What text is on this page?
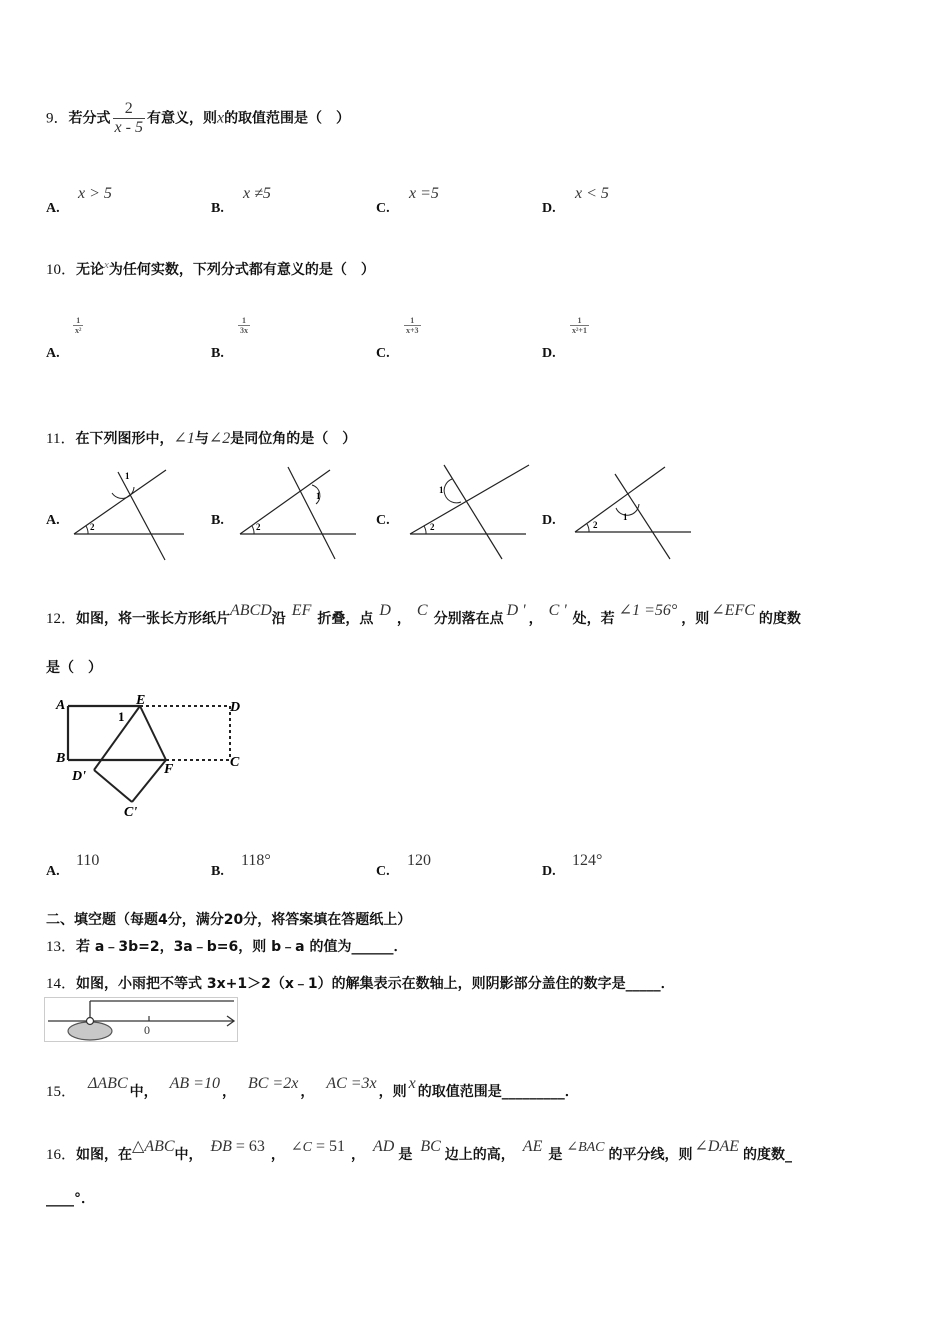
9．若分式 $\frac{2}{x - 5}$ 有意义，则x的取值范围是（　）
A.
x > 5
B.
x ≠5
C.
x =5
D.
x < 5
10．无论$^x$为任何实数，下列分式都有意义的是（　）
A.
$\frac{1}{\text{x²}}$
B.
$\frac{1}{3x}$
C.
$\frac{1}{x+3}$
D.
$\frac{1}{\text{x²+1}}$
11．在下列图形中，∠1与∠2是同位角的是（　）
A.
1
2	B.
1
2	C.
1
2	D.	1
2
12．如图，将一张长方形纸片ABCD沿 EF 折叠，点 D ， C 分别落在点 D ' ， C ' 处，若 ∠1 =56° ，则 ∠EFC 的度数
是（　）
A	E	D
B
F	C
D'
C'
1
A.
110
B.
118°
C.
120
D.
124°
二、填空题（每题4分，满分20分，将答案填在答题纸上）
13．若 a﹣3b=2，3a﹣b=6，则 b﹣a 的值为______．
14．如图，小雨把不等式 3x+1＞2（x﹣1）的解集表示在数轴上，则阴影部分盖住的数字是_____．
0
15． ΔABC 中， AB =10 ， BC =2x ， AC =3x ，则 x 的取值范围是_________．
16．如图，在△ABC中， ÐB = 63 ， ∠C = 51 ， AD 是 BC 边上的高， AE 是 ∠BAC 的平分线，则 ∠DAE 的度数_
____°．
